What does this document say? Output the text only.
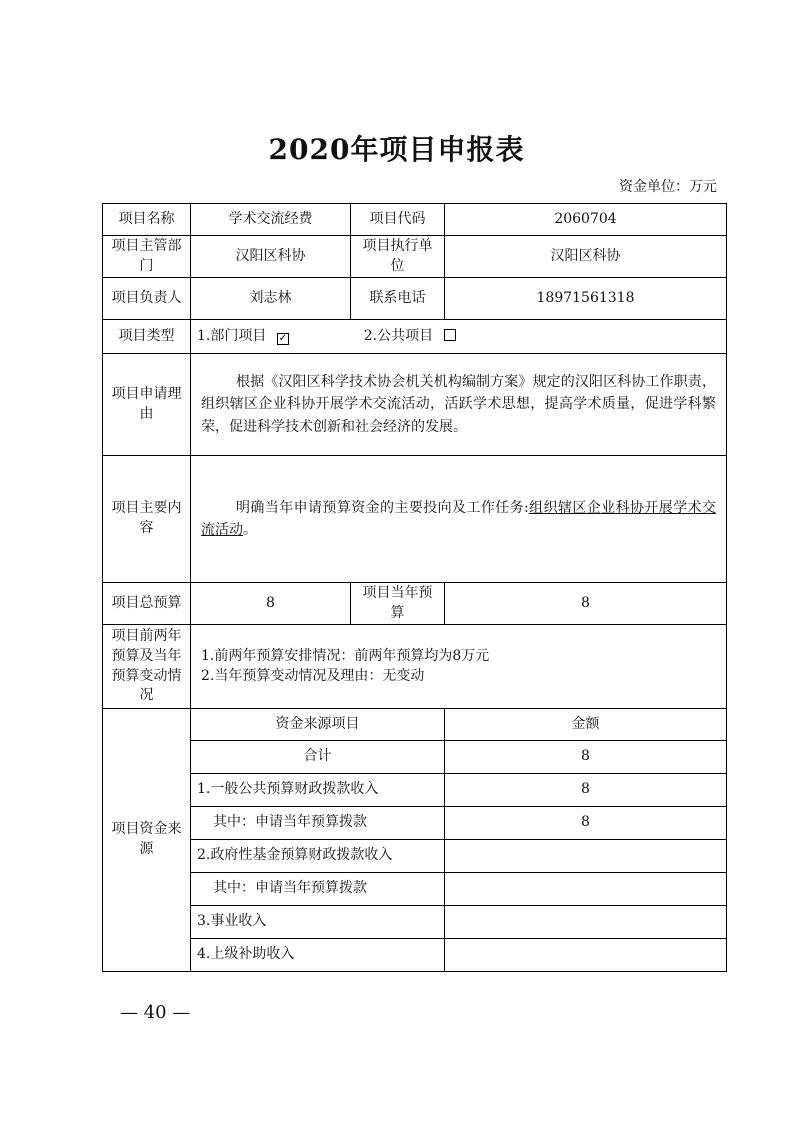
2020年项目申报表
资金单位：万元
项目名称	学术交流经费	项目代码	2060704
项目主管部门	汉阳区科协	项目执行单位	汉阳区科协
项目负责人	刘志林	联系电话	18971561318
项目类型	1.部门项目 ✓ 2.公共项目		
项目申请理由	根据《汉阳区科学技术协会机关机构编制方案》规定的汉阳区科协工作职责，组织辖区企业科协开展学术交流活动，活跃学术思想，提高学术质量，促进学科繁荣，促进科学技术创新和社会经济的发展。		

项目主要内容	明确当年申请预算资金的主要投向及工作任务:组织辖区企业科协开展学术交流活动。		

项目总预算	8	项目当年预算	8
项目前两年预算及当年预算变动情况	1.前两年预算安排情况：前两年预算均为8万元
2.当年预算变动情况及理由：无变动		

项目资金来源	资金来源项目		金额
	合计		8
	1.一般公共预算财政拨款收入		8
	其中：申请当年预算拨款		8
	2.政府性基金预算财政拨款收入		
	其中：申请当年预算拨款		
	3.事业收入		
	4.上级补助收入		
— 40 —
